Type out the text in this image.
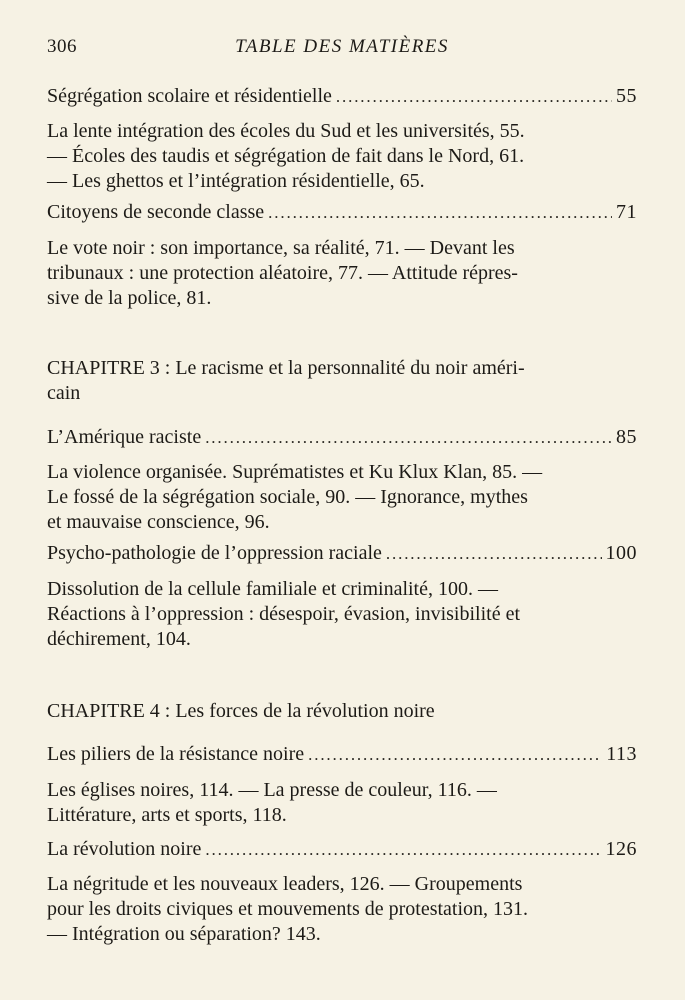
306	TABLE DES MATIÈRES
Ségrégation scolaire et résidentielle . . .	55
La lente intégration des écoles du Sud et les universités, 55.
— Écoles des taudis et ségrégation de fait dans le Nord, 61.
— Les ghettos et l’intégration résidentielle, 65.
Citoyens de seconde classe . . .	71
Le vote noir : son importance, sa réalité, 71. — Devant les
tribunaux : une protection aléatoire, 77. — Attitude répres-
sive de la police, 81.
CHAPITRE 3 : Le racisme et la personnalité du noir améri-
cain
L’Amérique raciste . . .	85
La violence organisée. Suprématistes et Ku Klux Klan, 85. —
Le fossé de la ségrégation sociale, 90. — Ignorance, mythes
et mauvaise conscience, 96.
Psycho-pathologie de l’oppression raciale . . .	100
Dissolution de la cellule familiale et criminalité, 100. —
Réactions à l’oppression : désespoir, évasion, invisibilité et
déchirement, 104.
CHAPITRE 4 : Les forces de la révolution noire
Les piliers de la résistance noire . . .	113
Les églises noires, 114. — La presse de couleur, 116. —
Littérature, arts et sports, 118.
La révolution noire . . .	126
La négritude et les nouveaux leaders, 126. — Groupements
pour les droits civiques et mouvements de protestation, 131.
— Intégration ou séparation? 143.
